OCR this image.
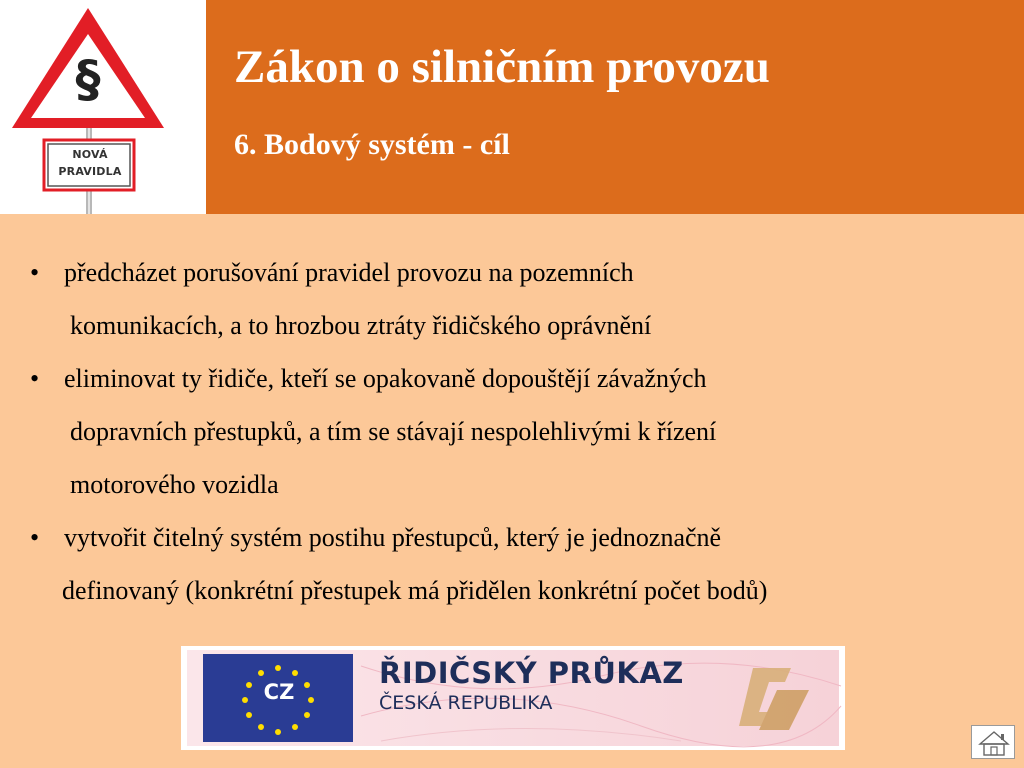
§
NOVÁ
PRAVIDLA
Zákon o silničním provozu
6. Bodový systém - cíl
• předcházet porušování pravidel provozu na pozemních
komunikacích, a to hrozbou ztráty řidičského oprávnění
• eliminovat ty řidiče, kteří se opakovaně dopouštějí závažných
dopravních přestupků, a tím se stávají nespolehlivými k řízení
motorového vozidla
• vytvořit čitelný systém postihu přestupců, který je jednoznačně
definovaný (konkrétní přestupek má přidělen konkrétní počet bodů)
CZ
ŘIDIČSKÝ PRŮKAZ
ČESKÁ REPUBLIKA
